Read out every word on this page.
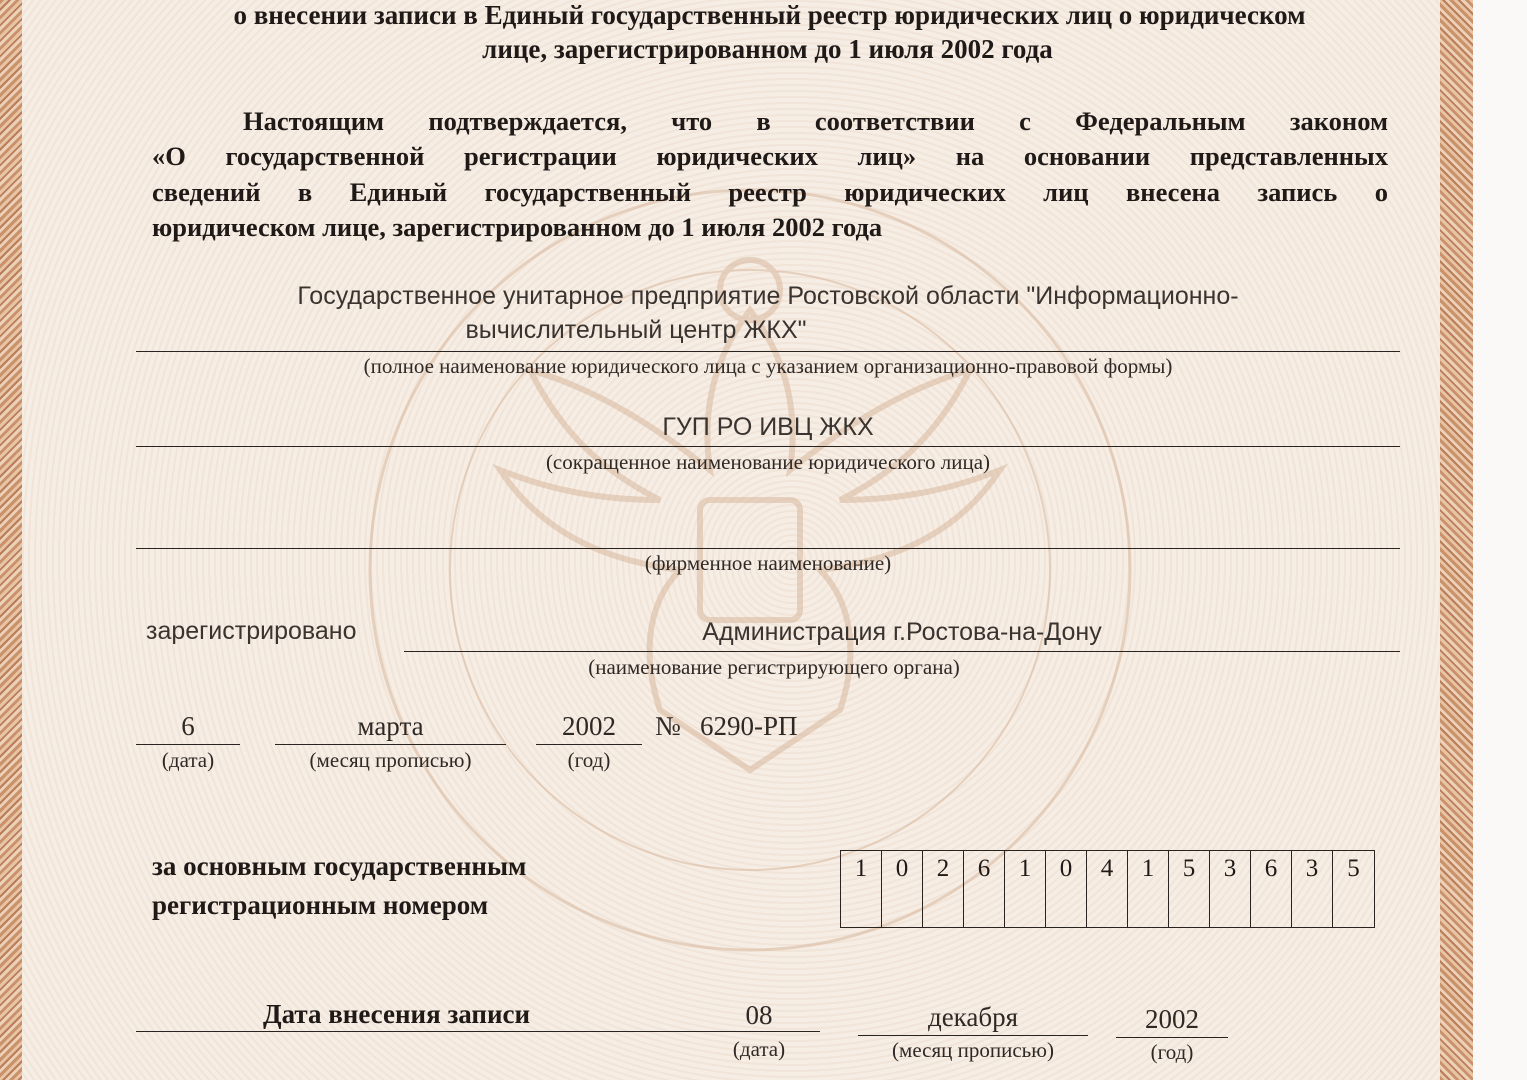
о внесении записи в Единый государственный реестр юридических лиц о юридическом
лице, зарегистрированном до 1 июля 2002 года
Настоящим подтверждается, что в соответствии с Федеральным законом
«О государственной регистрации юридических лиц» на основании представленных
сведений в Единый государственный реестр юридических лиц внесена запись о
юридическом лице, зарегистрированном до 1 июля 2002 года
Государственное унитарное предприятие Ростовской области "Информационно-
вычислительный центр ЖКХ"
(полное наименование юридического лица с указанием организационно-правовой формы)
ГУП РО ИВЦ ЖКХ
(сокращенное наименование юридического лица)
(фирменное наименование)
зарегистрировано	Администрация г.Ростова-на-Дону
(наименование регистрирующего органа)
6
(дата)
марта
(месяц прописью)
2002
(год)
№ 6290-РП
за основным государственным
регистрационным номером
1	0	2	6	1	0	4	1	5	3	6	3	5
Дата внесения записи	08
(дата)
декабря
(месяц прописью)
2002
(год)
